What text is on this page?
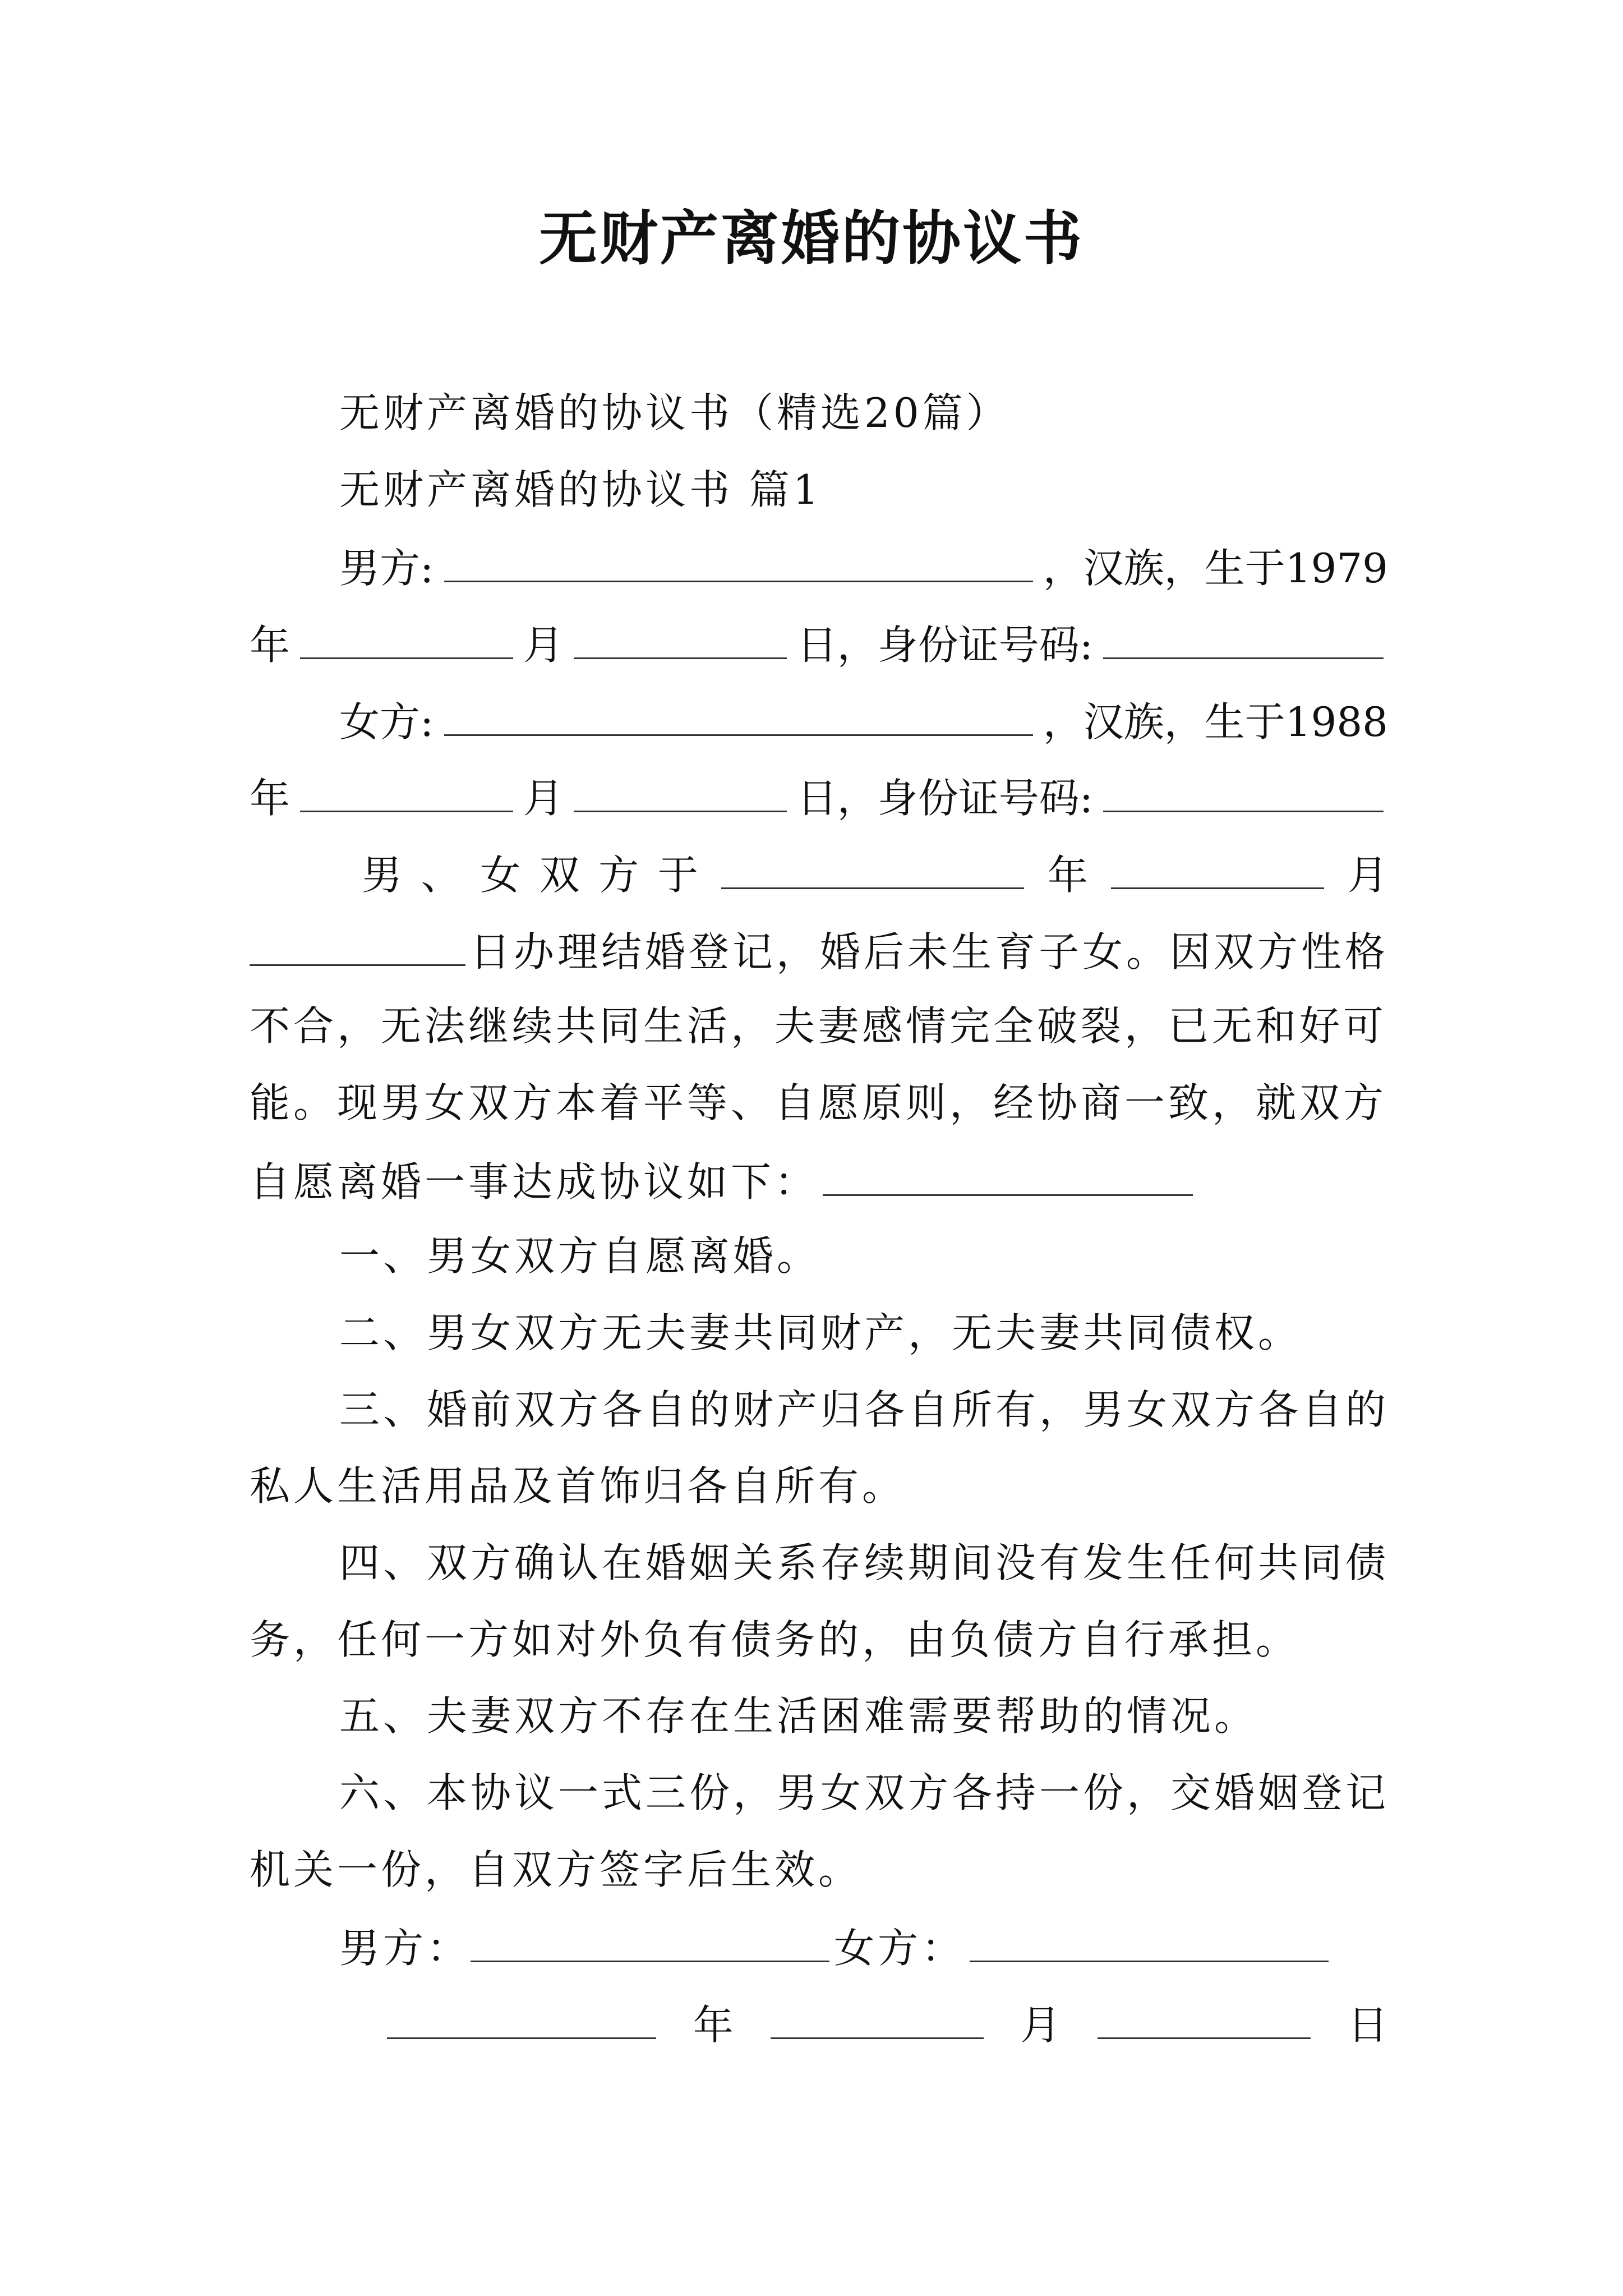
无财产离婚的协议书
无财产离婚的协议书（精选20篇）
无财产离婚的协议书 篇1
男方:	，汉族，生于1979
年	月	日，身份证号码:
女方:	，汉族，生于1988
年	月	日，身份证号码:
男 、 女 双 方 于	年	月
日办理结婚登记，婚后未生育子女。因双方性格
不合，无法继续共同生活，夫妻感情完全破裂，已无和好可
能。现男女双方本着平等、自愿原则，经协商一致，就双方
自愿离婚一事达成协议如下：
一、男女双方自愿离婚。
二、男女双方无夫妻共同财产，无夫妻共同债权。
三、婚前双方各自的财产归各自所有，男女双方各自的
私人生活用品及首饰归各自所有。
四、双方确认在婚姻关系存续期间没有发生任何共同债
务，任何一方如对外负有债务的，由负债方自行承担。
五、夫妻双方不存在生活困难需要帮助的情况。
六、本协议一式三份，男女双方各持一份，交婚姻登记
机关一份，自双方签字后生效。
男方：	女方：
年	月	日
